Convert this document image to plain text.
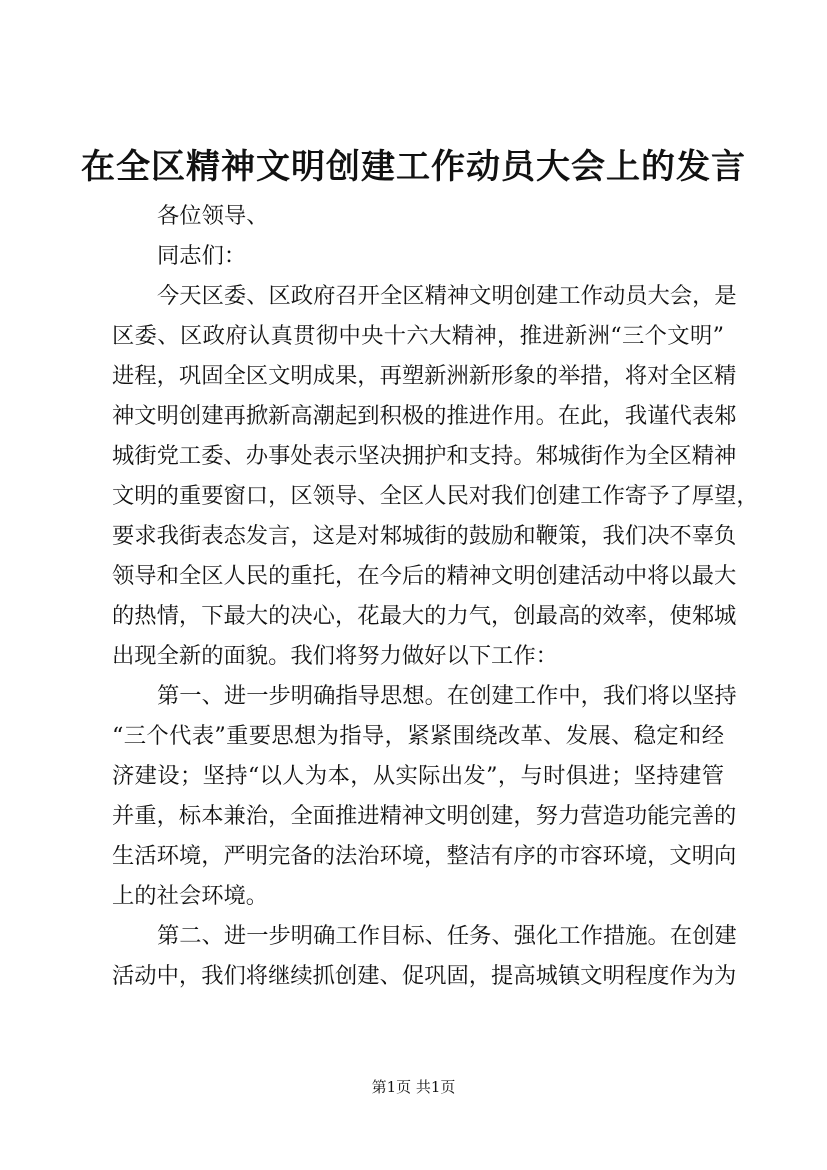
在全区精神文明创建工作动员大会上的发言
各位领导、
同志们：
今天区委、区政府召开全区精神文明创建工作动员大会，是
区委、区政府认真贯彻中央十六大精神，推进新洲“三个文明”
进程，巩固全区文明成果，再塑新洲新形象的举措，将对全区精
神文明创建再掀新高潮起到积极的推进作用。在此，我谨代表邾
城街党工委、办事处表示坚决拥护和支持。邾城街作为全区精神
文明的重要窗口，区领导、全区人民对我们创建工作寄予了厚望，
要求我街表态发言，这是对邾城街的鼓励和鞭策，我们决不辜负
领导和全区人民的重托，在今后的精神文明创建活动中将以最大
的热情，下最大的决心，花最大的力气，创最高的效率，使邾城
出现全新的面貌。我们将努力做好以下工作：
第一、进一步明确指导思想。在创建工作中，我们将以坚持
“三个代表”重要思想为指导，紧紧围绕改革、发展、稳定和经
济建设；坚持“以人为本，从实际出发”，与时俱进；坚持建管
并重，标本兼治，全面推进精神文明创建，努力营造功能完善的
生活环境，严明完备的法治环境，整洁有序的市容环境，文明向
上的社会环境。
第二、进一步明确工作目标、任务、强化工作措施。在创建
活动中，我们将继续抓创建、促巩固，提高城镇文明程度作为为
第1页 共1页
